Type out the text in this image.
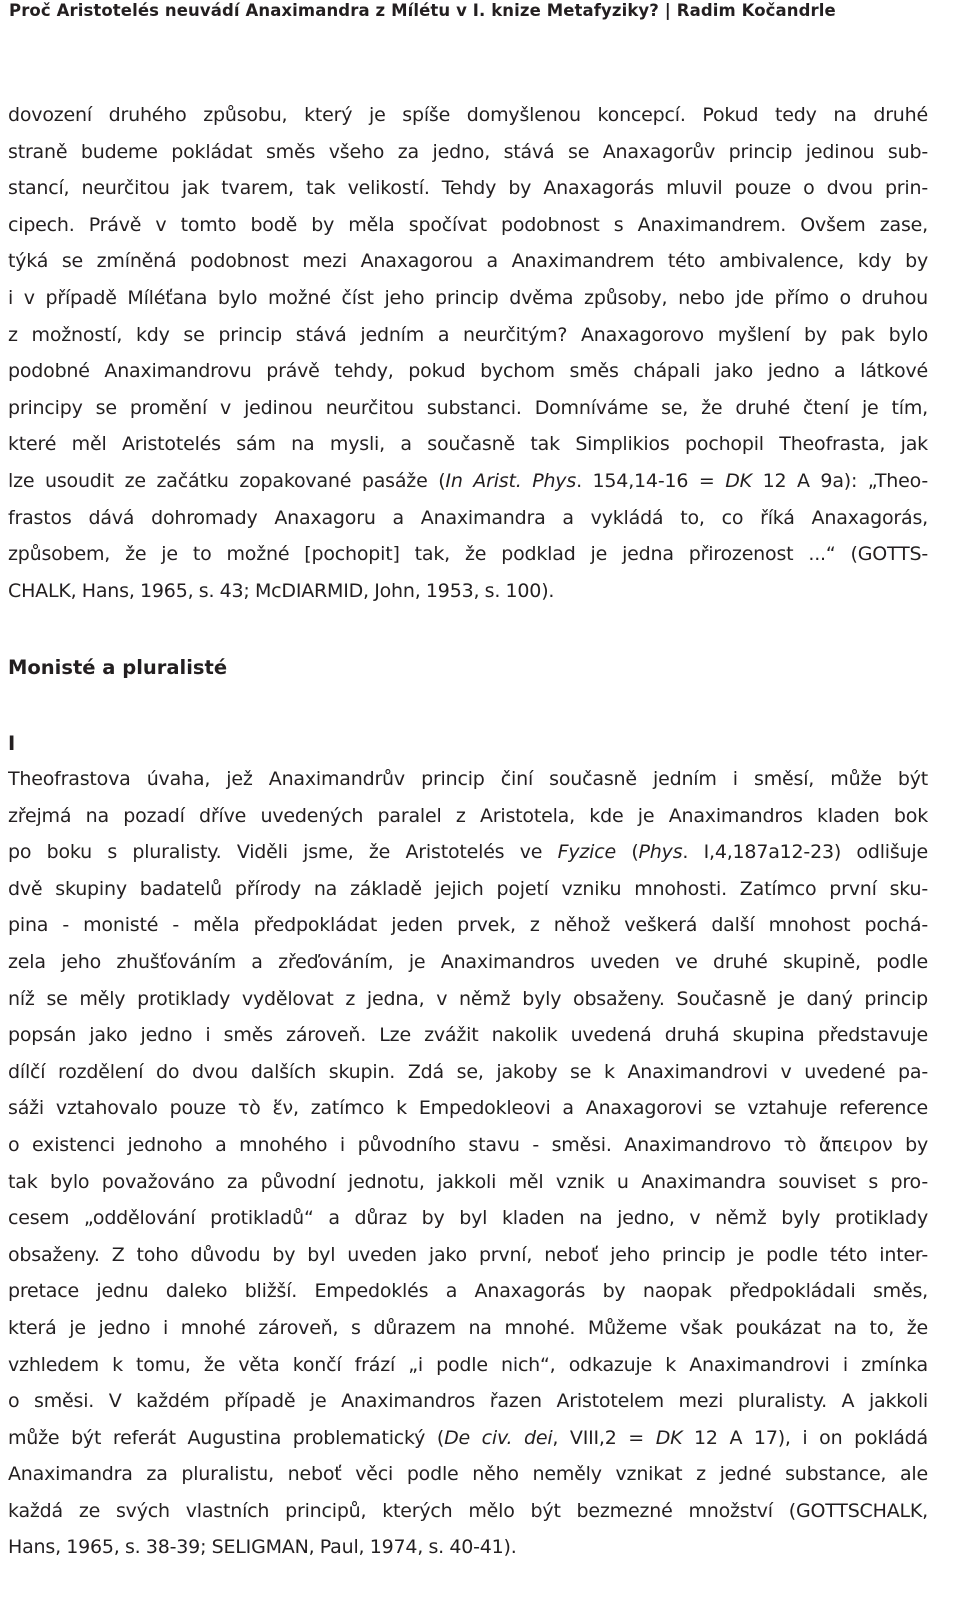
Proč Aristotelés neuvádí Anaximandra z Mílétu v I. knize Metafyziky? | Radim Kočandrle
dovození druhého způsobu, který je spíše domyšlenou koncepcí. Pokud tedy na druhé
straně budeme pokládat směs všeho za jedno, stává se Anaxagorův princip jedinou sub-
stancí, neurčitou jak tvarem, tak velikostí. Tehdy by Anaxagorás mluvil pouze o dvou prin-
cipech. Právě v tomto bodě by měla spočívat podobnost s Anaximandrem. Ovšem zase,
týká se zmíněná podobnost mezi Anaxagorou a Anaximandrem této ambivalence, kdy by
i v případě Míléťana bylo možné číst jeho princip dvěma způsoby, nebo jde přímo o druhou
z možností, kdy se princip stává jedním a neurčitým? Anaxagorovo myšlení by pak bylo
podobné Anaximandrovu právě tehdy, pokud bychom směs chápali jako jedno a látkové
principy se promění v jedinou neurčitou substanci. Domníváme se, že druhé čtení je tím,
které měl Aristotelés sám na mysli, a současně tak Simplikios pochopil Theofrasta, jak
lze usoudit ze začátku zopakované pasáže (In Arist. Phys. 154,14-16 = DK 12 A 9a): „Theo-
frastos dává dohromady Anaxagoru a Anaximandra a vykládá to, co říká Anaxagorás,
způsobem, že je to možné [pochopit] tak, že podklad je jedna přirozenost ...“ (GOTTS-
CHALK, Hans, 1965, s. 43; McDIARMID, John, 1953, s. 100).
Monisté a pluralisté
I
Theofrastova úvaha, jež Anaximandrův princip činí současně jedním i směsí, může být
zřejmá na pozadí dříve uvedených paralel z Aristotela, kde je Anaximandros kladen bok
po boku s pluralisty. Viděli jsme, že Aristotelés ve Fyzice (Phys. I,4,187a12-23) odlišuje
dvě skupiny badatelů přírody na základě jejich pojetí vzniku mnohosti. Zatímco první sku-
pina - monisté - měla předpokládat jeden prvek, z něhož veškerá další mnohost pochá-
zela jeho zhušťováním a zřeďováním, je Anaximandros uveden ve druhé skupině, podle
níž se měly protiklady vydělovat z jedna, v němž byly obsaženy. Současně je daný princip
popsán jako jedno i směs zároveň. Lze zvážit nakolik uvedená druhá skupina představuje
dílčí rozdělení do dvou dalších skupin. Zdá se, jakoby se k Anaximandrovi v uvedené pa-
sáži vztahovalo pouze τὸ ἕν, zatímco k Empedokleovi a Anaxagorovi se vztahuje reference
o existenci jednoho a mnohého i původního stavu - směsi. Anaximandrovo τὸ ἄπειρον by
tak bylo považováno za původní jednotu, jakkoli měl vznik u Anaximandra souviset s pro-
cesem „oddělování protikladů“ a důraz by byl kladen na jedno, v němž byly protiklady
obsaženy. Z toho důvodu by byl uveden jako první, neboť jeho princip je podle této inter-
pretace jednu daleko bližší. Empedoklés a Anaxagorás by naopak předpokládali směs,
která je jedno i mnohé zároveň, s důrazem na mnohé. Můžeme však poukázat na to, že
vzhledem k tomu, že věta končí frází „i podle nich“, odkazuje k Anaximandrovi i zmínka
o směsi. V každém případě je Anaximandros řazen Aristotelem mezi pluralisty. A jakkoli
může být referát Augustina problematický (De civ. dei, VIII,2 = DK 12 A 17), i on pokládá
Anaximandra za pluralistu, neboť věci podle něho neměly vznikat z jedné substance, ale
každá ze svých vlastních principů, kterých mělo být bezmezné množství (GOTTSCHALK,
Hans, 1965, s. 38-39; SELIGMAN, Paul, 1974, s. 40-41).
